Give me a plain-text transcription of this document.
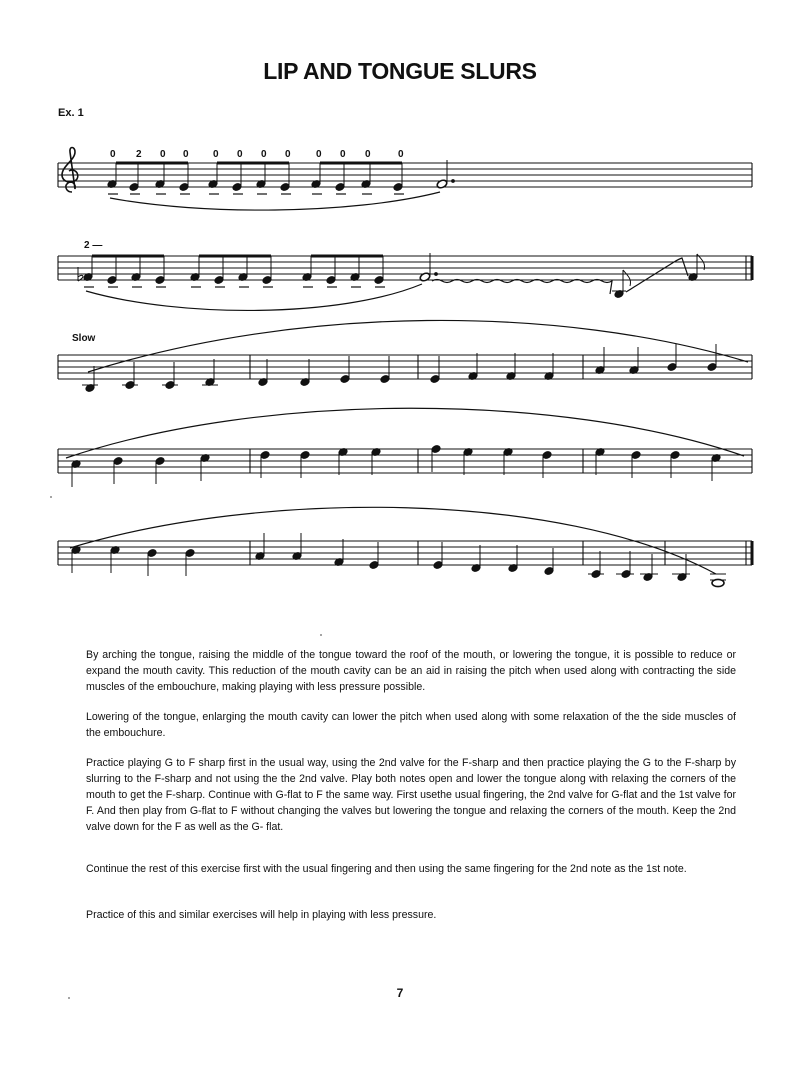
LIP AND TONGUE SLURS
Ex. 1
0 2 0 0 0 0 0 0	0 0 0	0
2 —
Slow
By arching the tongue, raising the middle of the tongue toward the roof of the mouth, or lowering the tongue, it is possible to reduce or expand the mouth cavity. This reduction of the mouth cavity can be an aid in raising the pitch when used along with contracting the side muscles of the embouchure, making playing with less pressure possible.
Lowering of the tongue, enlarging the mouth cavity can lower the pitch when used along with some relaxation of the the side muscles of the embouchure.
Practice playing G to F sharp first in the usual way, using the 2nd valve for the F-sharp and then practice playing the G to the F-sharp by slurring to the F-sharp and not using the the 2nd valve. Play both notes open and lower the tongue along with relaxing the corners of the mouth to get the F-sharp. Continue with G-flat to F the same way. First usethe usual fingering, the 2nd valve for G-flat and the 1st valve for F. And then play from G-flat to F without changing the valves but lowering the tongue and relaxing the corners of the mouth. Keep the 2nd valve down for the F as well as the G- flat.
Continue the rest of this exercise first with the usual fingering and then using the same fingering for the 2nd note as the 1st note.
Practice of this and similar exercises will help in playing with less pressure.
7
